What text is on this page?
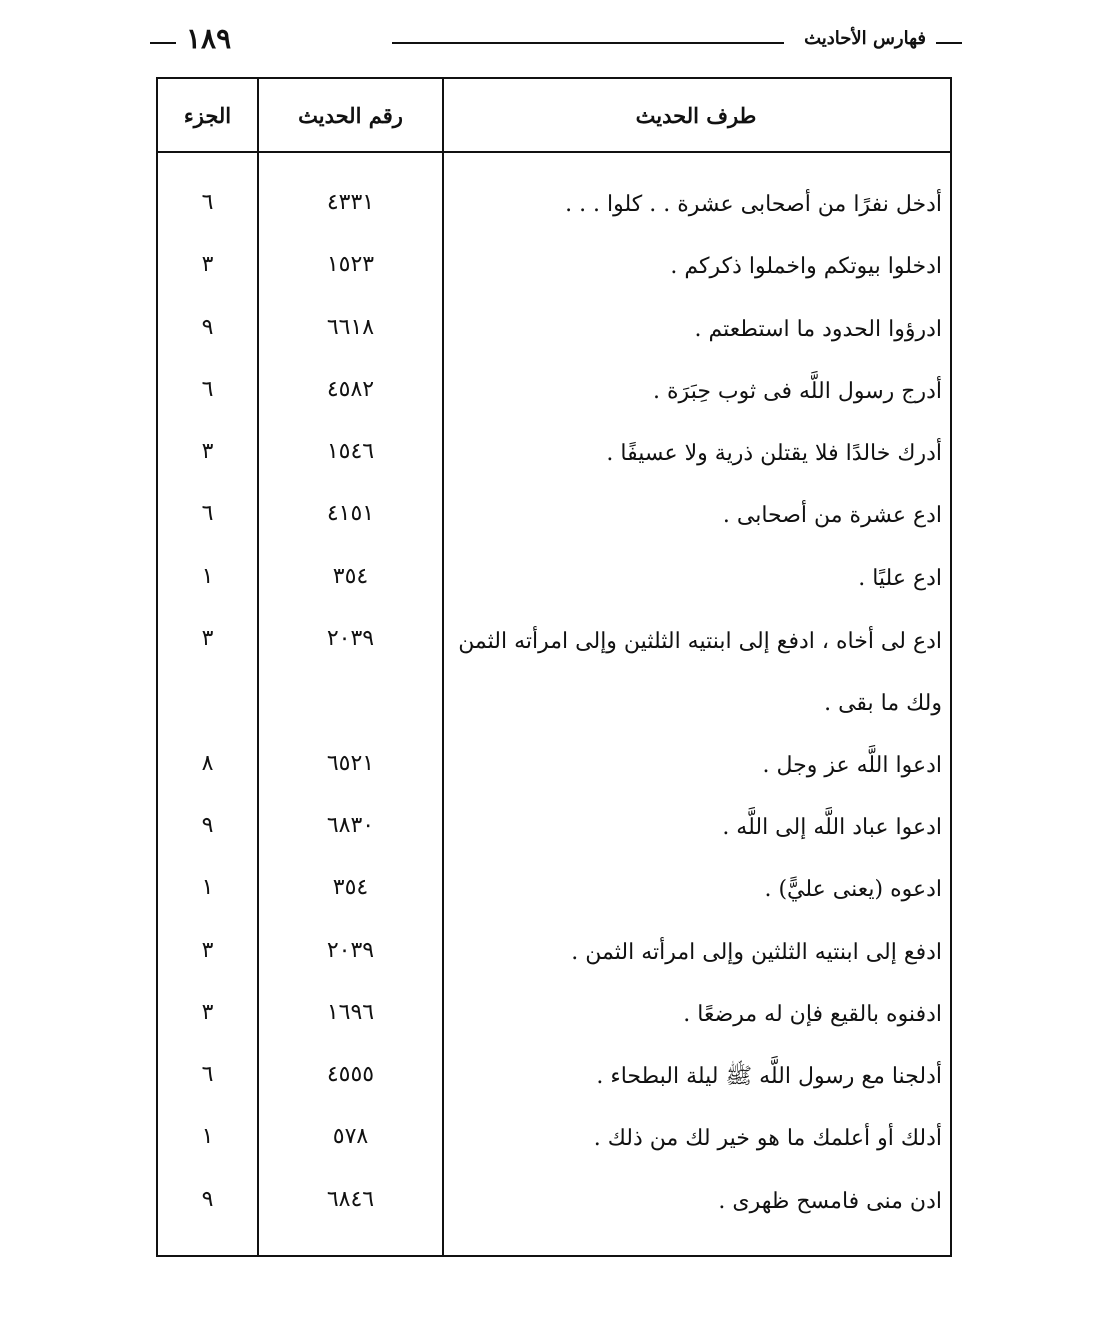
فهارس الأحاديث
١٨٩
طرف الحديث
رقم الحديث
الجزء
أدخل نفرًا من أصحابى عشرة . . كلوا . . .
٤٣٣١
٦
ادخلوا بيوتكم واخملوا ذكركم .
١٥٢٣
٣
ادرؤوا الحدود ما استطعتم .
٦٦١٨
٩
أدرج رسول اللَّه فى ثوب حِبَرَة .
٤٥٨٢
٦
أدرك خالدًا فلا يقتلن ذرية ولا عسيفًا .
١٥٤٦
٣
ادع عشرة من أصحابى .
٤١٥١
٦
ادع عليًا .
٣٥٤
١
ادع لى أخاه ، ادفع إلى ابنتيه الثلثين وإلى امرأته الثمن ولك ما بقى .
٢٠٣٩
٣
ادعوا اللَّه عز وجل .
٦٥٢١
٨
ادعوا عباد اللَّه إلى اللَّه .
٦٨٣٠
٩
ادعوه (يعنى عليًّ) .
٣٥٤
١
ادفع إلى ابنتيه الثلثين وإلى امرأته الثمن .
٢٠٣٩
٣
ادفنوه بالقيع فإن له مرضعًا .
١٦٩٦
٣
أدلجنا مع رسول اللَّه ﷺ ليلة البطحاء .
٤٥٥٥
٦
أدلك أو أعلمك ما هو خير لك من ذلك .
٥٧٨
١
ادن منى فامسح ظهرى .
٦٨٤٦
٩
